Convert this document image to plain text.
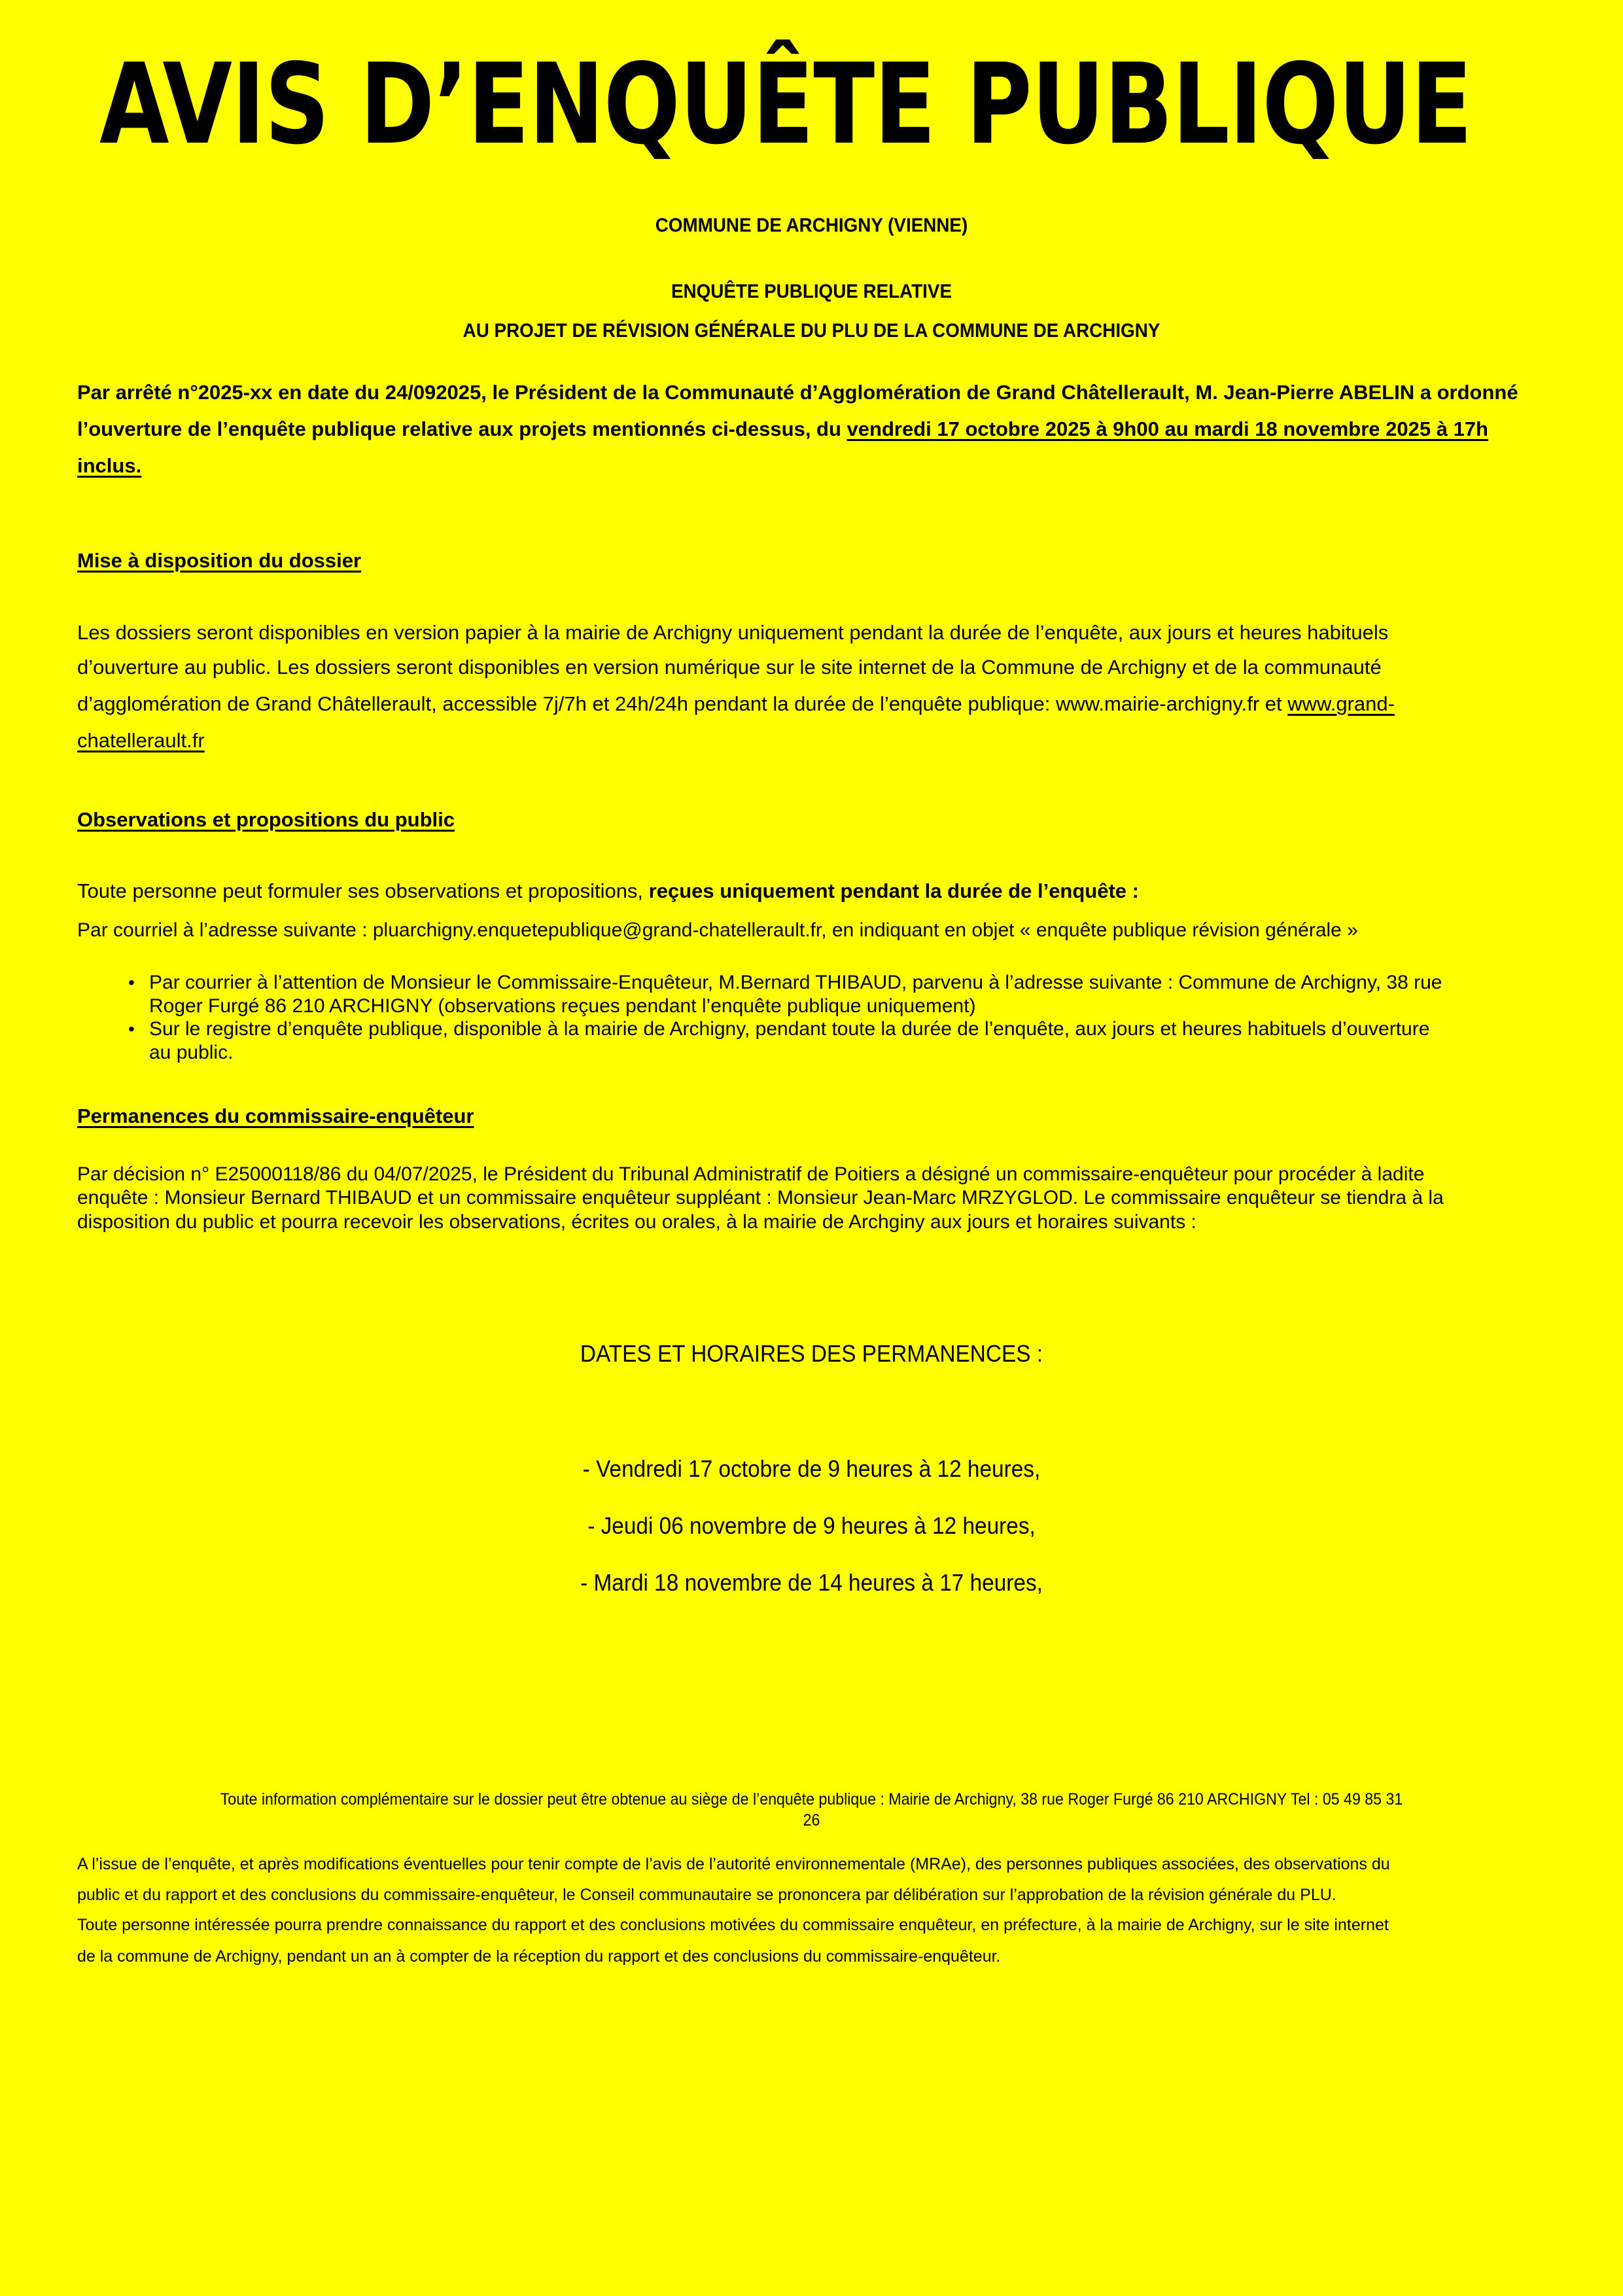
AVIS D’ENQUÊTE PUBLIQUE
COMMUNE DE ARCHIGNY (VIENNE)
ENQUÊTE PUBLIQUE RELATIVE
AU PROJET DE RÉVISION GÉNÉRALE DU PLU DE LA COMMUNE DE ARCHIGNY
Par arrêté n°2025-xx en date du 24/092025, le Président de la Communauté d’Agglomération de Grand Châtellerault, M. Jean-Pierre ABELIN a ordonné
l’ouverture de l’enquête publique relative aux projets mentionnés ci-dessus, du vendredi 17 octobre 2025 à 9h00 au mardi 18 novembre 2025 à 17h
inclus.
Mise à disposition du dossier
Les dossiers seront disponibles en version papier à la mairie de Archigny uniquement pendant la durée de l’enquête, aux jours et heures habituels
d’ouverture au public. Les dossiers seront disponibles en version numérique sur le site internet de la Commune de Archigny et de la communauté
d’agglomération de Grand Châtellerault, accessible 7j/7h et 24h/24h pendant la durée de l’enquête publique: www.mairie-archigny.fr et www.grand-
chatellerault.fr
Observations et propositions du public
Toute personne peut formuler ses observations et propositions, reçues uniquement pendant la durée de l’enquête :
Par courriel à l’adresse suivante : pluarchigny.enquetepublique@grand-chatellerault.fr, en indiquant en objet « enquête publique révision générale »
• Par courrier à l’attention de Monsieur le Commissaire-Enquêteur, M.Bernard THIBAUD, parvenu à l’adresse suivante : Commune de Archigny, 38 rue
Roger Furgé 86 210 ARCHIGNY (observations reçues pendant l’enquête publique uniquement)
• Sur le registre d’enquête publique, disponible à la mairie de Archigny, pendant toute la durée de l’enquête, aux jours et heures habituels d’ouverture
au public.
Permanences du commissaire-enquêteur
Par décision n° E25000118/86 du 04/07/2025, le Président du Tribunal Administratif de Poitiers a désigné un commissaire-enquêteur pour procéder à ladite
enquête : Monsieur Bernard THIBAUD et un commissaire enquêteur suppléant : Monsieur Jean-Marc MRZYGLOD. Le commissaire enquêteur se tiendra à la
disposition du public et pourra recevoir les observations, écrites ou orales, à la mairie de Archginy aux jours et horaires suivants :
DATES ET HORAIRES DES PERMANENCES :
- Vendredi 17 octobre de 9 heures à 12 heures,
- Jeudi 06 novembre de 9 heures à 12 heures,
- Mardi 18 novembre de 14 heures à 17 heures,
Toute information complémentaire sur le dossier peut être obtenue au siège de l’enquête publique : Mairie de Archigny, 38 rue Roger Furgé 86 210 ARCHIGNY Tel : 05 49 85 31
26
A l’issue de l’enquête, et après modifications éventuelles pour tenir compte de l’avis de l’autorité environnementale (MRAe), des personnes publiques associées, des observations du
public et du rapport et des conclusions du commissaire-enquêteur, le Conseil communautaire se prononcera par délibération sur l’approbation de la révision générale du PLU.
Toute personne intéressée pourra prendre connaissance du rapport et des conclusions motivées du commissaire enquêteur, en préfecture, à la mairie de Archigny, sur le site internet
de la commune de Archigny, pendant un an à compter de la réception du rapport et des conclusions du commissaire-enquêteur.
